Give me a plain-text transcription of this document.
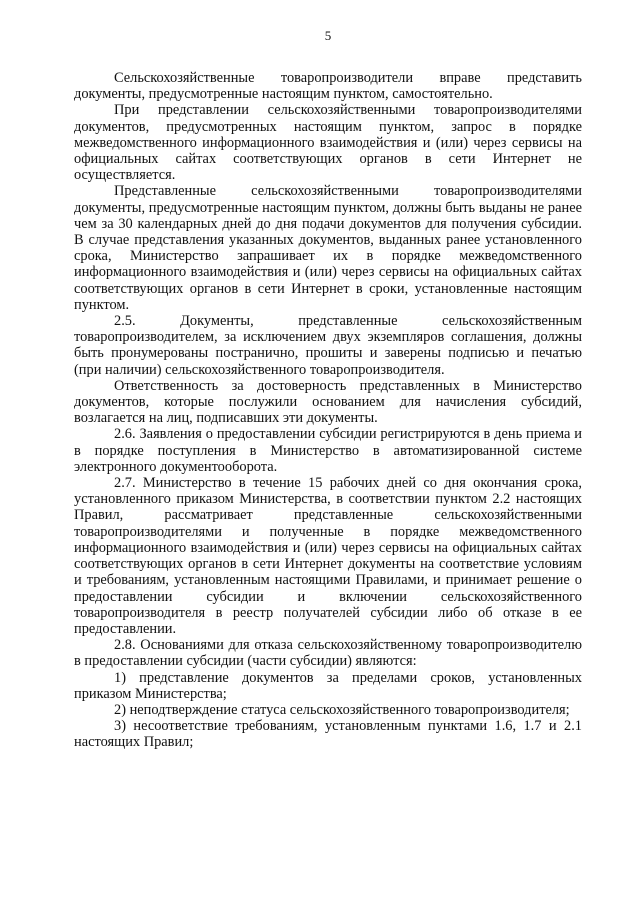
5

Сельскохозяйственные товаропроизводители вправе представить документы, предусмотренные настоящим пунктом, самостоятельно.

При представлении сельскохозяйственными товаропроизводителями документов, предусмотренных настоящим пунктом, запрос в порядке межведомственного информационного взаимодействия и (или) через сервисы на официальных сайтах соответствующих органов в сети Интернет не осуществляется.

Представленные сельскохозяйственными товаропроизводителями документы, предусмотренные настоящим пунктом, должны быть выданы не ранее чем за 30 календарных дней до дня подачи документов для получения субсидии. В случае представления указанных документов, выданных ранее установленного срока, Министерство запрашивает их в порядке межведомственного информационного взаимодействия и (или) через сервисы на официальных сайтах соответствующих органов в сети Интернет в сроки, установленные настоящим пунктом.

2.5. Документы, представленные сельскохозяйственным товаропроизводителем, за исключением двух экземпляров соглашения, должны быть пронумерованы постранично, прошиты и заверены подписью и печатью (при наличии) сельскохозяйственного товаропроизводителя.

Ответственность за достоверность представленных в Министерство документов, которые послужили основанием для начисления субсидий, возлагается на лиц, подписавших эти документы.

2.6. Заявления о предоставлении субсидии регистрируются в день приема и в порядке поступления в Министерство в автоматизированной системе электронного документооборота.

2.7. Министерство в течение 15 рабочих дней со дня окончания срока, установленного приказом Министерства, в соответствии пунктом 2.2 настоящих Правил, рассматривает представленные сельскохозяйственными товаропроизводителями и полученные в порядке межведомственного информационного взаимодействия и (или) через сервисы на официальных сайтах соответствующих органов в сети Интернет документы на соответствие условиям и требованиям, установленным настоящими Правилами, и принимает решение о предоставлении субсидии и включении сельскохозяйственного товаропроизводителя в реестр получателей субсидии либо об отказе в ее предоставлении.

2.8. Основаниями для отказа сельскохозяйственному товаропроизводителю в предоставлении субсидии (части субсидии) являются:

1) представление документов за пределами сроков, установленных приказом Министерства;

2) неподтверждение статуса сельскохозяйственного товаропроизводителя;

3) несоответствие требованиям, установленным пунктами 1.6, 1.7 и 2.1 настоящих Правил;
